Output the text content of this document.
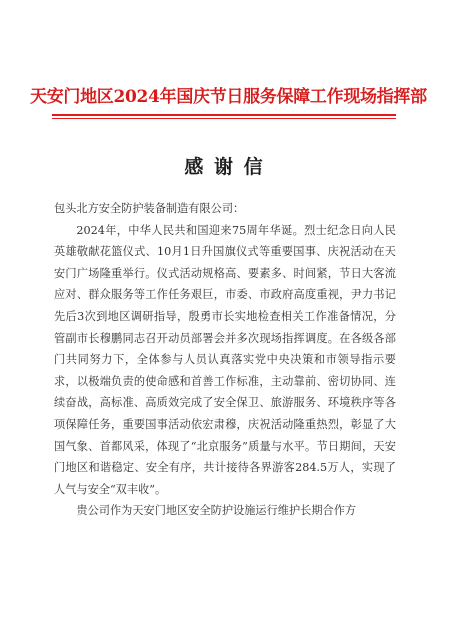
天安门地区2024年国庆节日服务保障工作现场指挥部
感 谢 信

包头北方安全防护装备制造有限公司：

2024年，中华人民共和国迎来75周年华诞。烈士纪念日向人民英雄敬献花篮仪式、10月1日升国旗仪式等重要国事、庆祝活动在天安门广场隆重举行。仪式活动规格高、要素多、时间紧，节日大客流应对、群众服务等工作任务艰巨，市委、市政府高度重视，尹力书记先后3次到地区调研指导，殷勇市长实地检查相关工作准备情况，分管副市长穆鹏同志召开动员部署会并多次现场指挥调度。在各级各部门共同努力下，全体参与人员认真落实党中央决策和市领导指示要求，以极端负责的使命感和首善工作标准，主动靠前、密切协同、连续奋战，高标准、高质效完成了安全保卫、旅游服务、环境秩序等各项保障任务，重要国事活动依宏肃穆，庆祝活动隆重热烈，彰显了大国气象、首都风采，体现了“北京服务”质量与水平。节日期间，天安门地区和谐稳定、安全有序，共计接待各界游客284.5万人，实现了人气与安全“双丰收”。

贵公司作为天安门地区安全防护设施运行维护长期合作方
